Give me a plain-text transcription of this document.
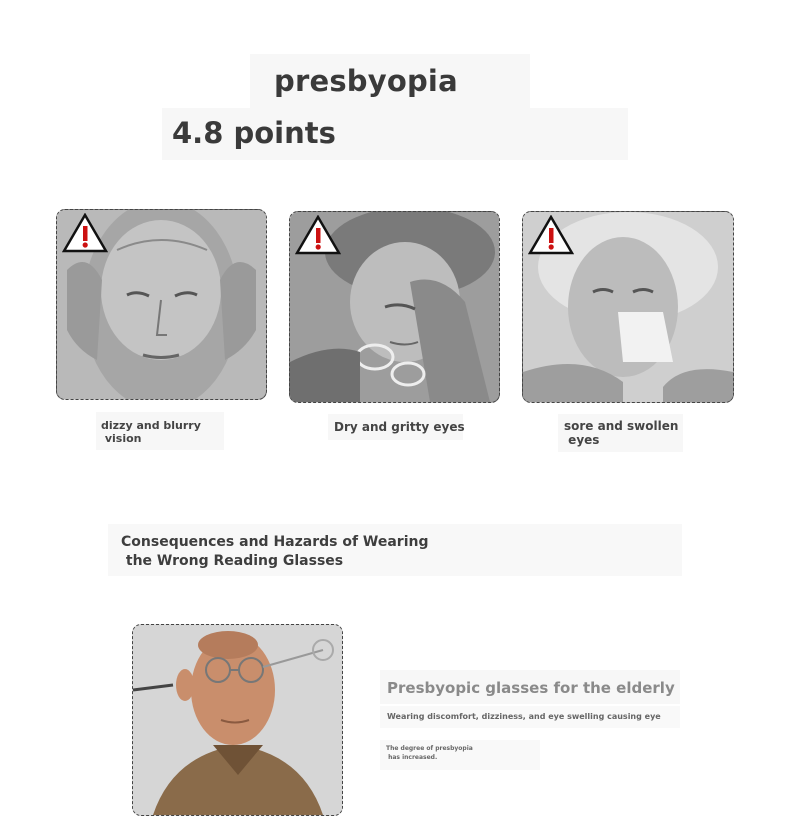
presbyopia
4.8 points
dizzy and blurry
vision
Dry and gritty eyes	sore and swollen
eyes
Consequences and Hazards of Wearing
the Wrong Reading Glasses
Presbyopic glasses for the elderly
Wearing discomfort, dizziness, and eye swelling causing eye
The degree of presbyopia
has increased.
